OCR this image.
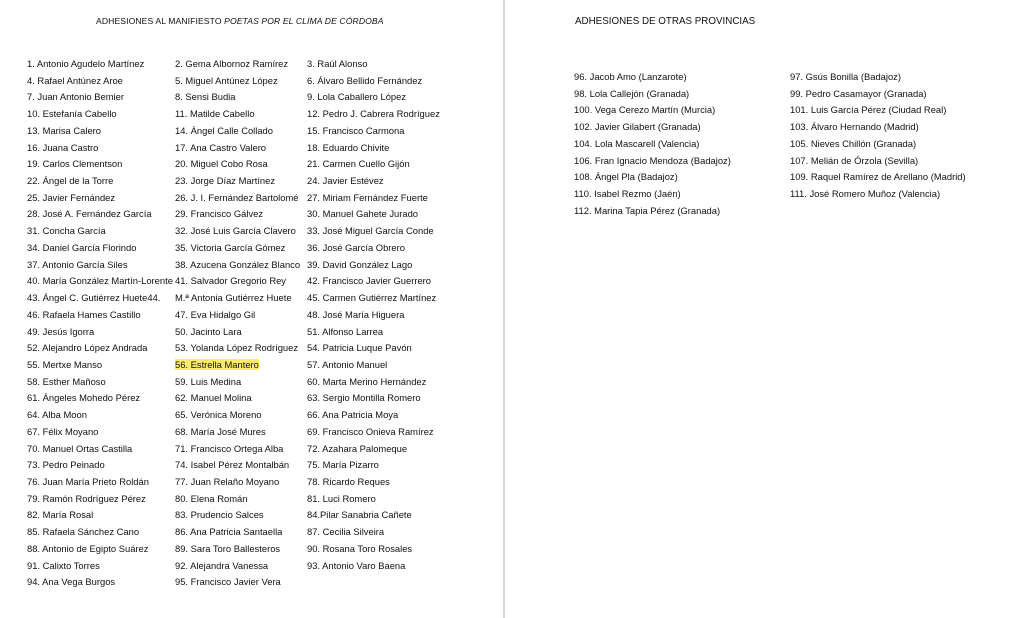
ADHESIONES AL MANIFIESTO POETAS POR EL CLIMA DE CÓRDOBA
1. Antonio Agudelo Martínez
4. Rafael Antúnez Aroe
7. Juan Antonio Bemier
10. Estefanía Cabello
13. Marisa Calero
16. Juana Castro
19. Carlos Clementson
22. Ángel de la Torre
25. Javier Fernández
28. José A. Fernández García
31. Concha García
34. Daniel García Florindo
37. Antonio García Siles
40. María González Martín-Lorente
43. Ángel C. Gutiérrez Huete44.
46. Rafaela Hames Castillo
49. Jesús Igorra
52. Alejandro López Andrada
55. Mertxe Manso
58. Esther Mañoso
61. Ángeles Mohedo Pérez
64. Alba Moon
67. Félix Moyano
70. Manuel Ortas Castilla
73. Pedro Peinado
76. Juan María Prieto Roldán
79. Ramón Rodríguez Pérez
82. María Rosal
85. Rafaela Sánchez Cano
88. Antonio de Egipto Suárez
91. Calixto Torres
94. Ana Vega Burgos
2. Gema Albornoz Ramírez
5. Miguel Antúnez López
8. Sensi Budia
11. Matilde Cabello
14. Ángel Calle Collado
17. Ana Castro Valero
20. Miguel Cobo Rosa
23. Jorge Díaz Martínez
26. J. I. Fernández Bartolomé
29. Francisco Gálvez
32. José Luis García Clavero
35. Victoria García Gómez
38. Azucena González Blanco
41. Salvador Gregorio Rey
M.ª Antonia Gutiérrez Huete
47. Eva Hidalgo Gil
50. Jacinto Lara
53. Yolanda López Rodríguez
56. Estrella Mantero
59. Luis Medina
62. Manuel Molina
65. Verónica Moreno
68. María José Mures
71. Francisco Ortega Alba
74. Isabel Pérez Montalbán
77. Juan Relaño Moyano
80. Elena Román
83. Prudencio Salces
86. Ana Patricia Santaella
89. Sara Toro Ballesteros
92. Alejandra Vanessa
95. Francisco Javier Vera
3. Raúl Alonso
6. Álvaro Bellido Fernández
9. Lola Caballero López
12. Pedro J. Cabrera Rodríguez
15. Francisco Carmona
18. Eduardo Chivite
21. Carmen Cuello Gijón
24. Javier Estévez
27. Miriam Fernández Fuerte
30. Manuel Gahete Jurado
33. José Miguel García Conde
36. José García Obrero
39. David González Lago
42. Francisco Javier Guerrero
45. Carmen Gutiérrez Martínez
48. José María Higuera
51. Alfonso Larrea
54. Patricia Luque Pavón
57. Antonio Manuel
60. Marta Merino Hernández
63. Sergio Montilla Romero
66. Ana Patricia Moya
69. Francisco Onieva Ramírez
72. Azahara Palomeque
75. María Pizarro
78. Ricardo Reques
81. Luci Romero
84.Pilar Sanabria Cañete
87. Cecilia Silveira
90. Rosana Toro Rosales
93. Antonio Varo Baena
ADHESIONES DE OTRAS PROVINCIAS
96. Jacob Amo (Lanzarote)
98. Lola Callejón (Granada)
100. Vega Cerezo Martín (Murcia)
102. Javier Gilabert (Granada)
104. Lola Mascarell (Valencia)
106. Fran Ignacio Mendoza (Badajoz)
108. Ángel Pla (Badajoz)
110. Isabel Rezmo (Jaén)
112. Marina Tapia Pérez (Granada)
97. Gsús Bonilla (Badajoz)
99. Pedro Casamayor (Granada)
101. Luis García Pérez (Ciudad Real)
103. Álvaro Hernando (Madrid)
105. Nieves Chillón (Granada)
107. Melián de Órzola (Sevilla)
109. Raquel Ramírez de Arellano (Madrid)
111. José Romero Muñoz (Valencia)
